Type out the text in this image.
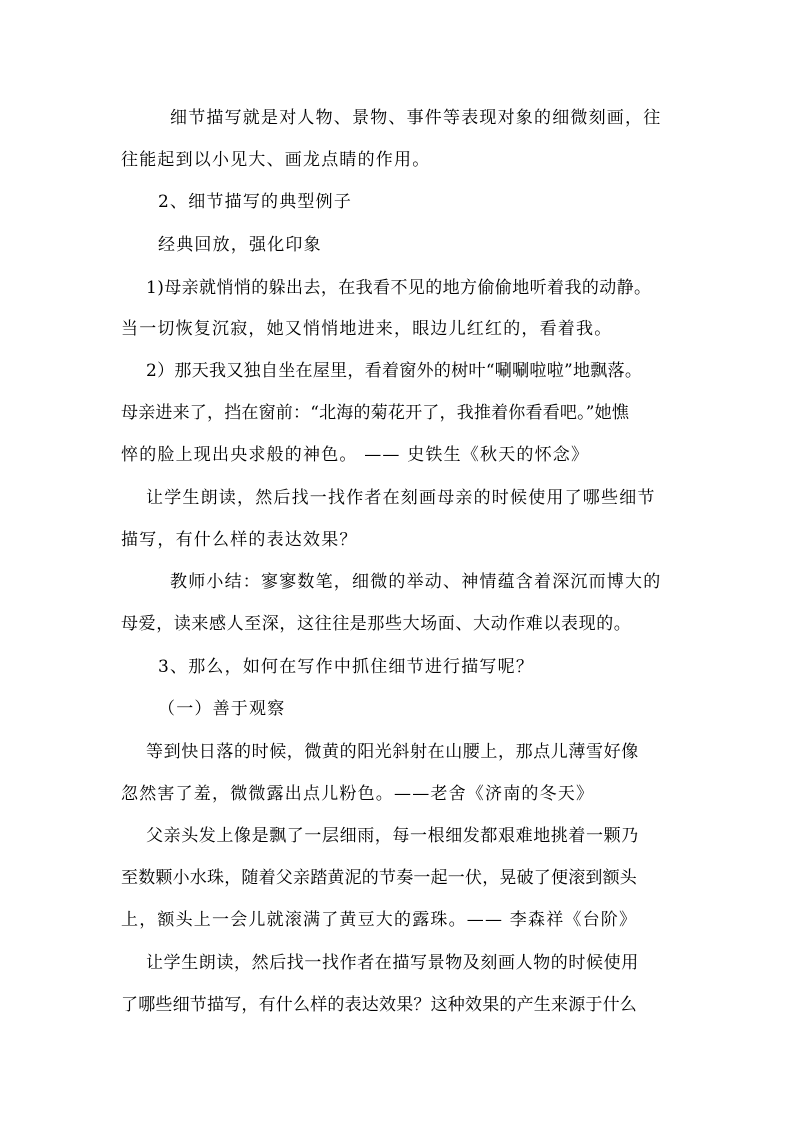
细节描写就是对人物、景物、事件等表现对象的细微刻画，往
往能起到以小见大、画龙点睛的作用。
2、细节描写的典型例子
经典回放，强化印象
1)母亲就悄悄的躲出去，在我看不见的地方偷偷地听着我的动静。
当一切恢复沉寂，她又悄悄地进来，眼边儿红红的，看着我。
2）那天我又独自坐在屋里，看着窗外的树叶“唰唰啦啦”地飘落。
母亲进来了，挡在窗前：“北海的菊花开了，我推着你看看吧。”她憔
悴的脸上现出央求般的神色。 —— 史铁生《秋天的怀念》
让学生朗读，然后找一找作者在刻画母亲的时候使用了哪些细节
描写，有什么样的表达效果？
教师小结：寥寥数笔，细微的举动、神情蕴含着深沉而博大的
母爱，读来感人至深，这往往是那些大场面、大动作难以表现的。
3、那么，如何在写作中抓住细节进行描写呢？
（一）善于观察
等到快日落的时候，微黄的阳光斜射在山腰上，那点儿薄雪好像
忽然害了羞，微微露出点儿粉色。——老舍《济南的冬天》
父亲头发上像是飘了一层细雨，每一根细发都艰难地挑着一颗乃
至数颗小水珠，随着父亲踏黄泥的节奏一起一伏，晃破了便滚到额头
上，额头上一会儿就滚满了黄豆大的露珠。—— 李森祥《台阶》
让学生朗读，然后找一找作者在描写景物及刻画人物的时候使用
了哪些细节描写，有什么样的表达效果？这种效果的产生来源于什么
